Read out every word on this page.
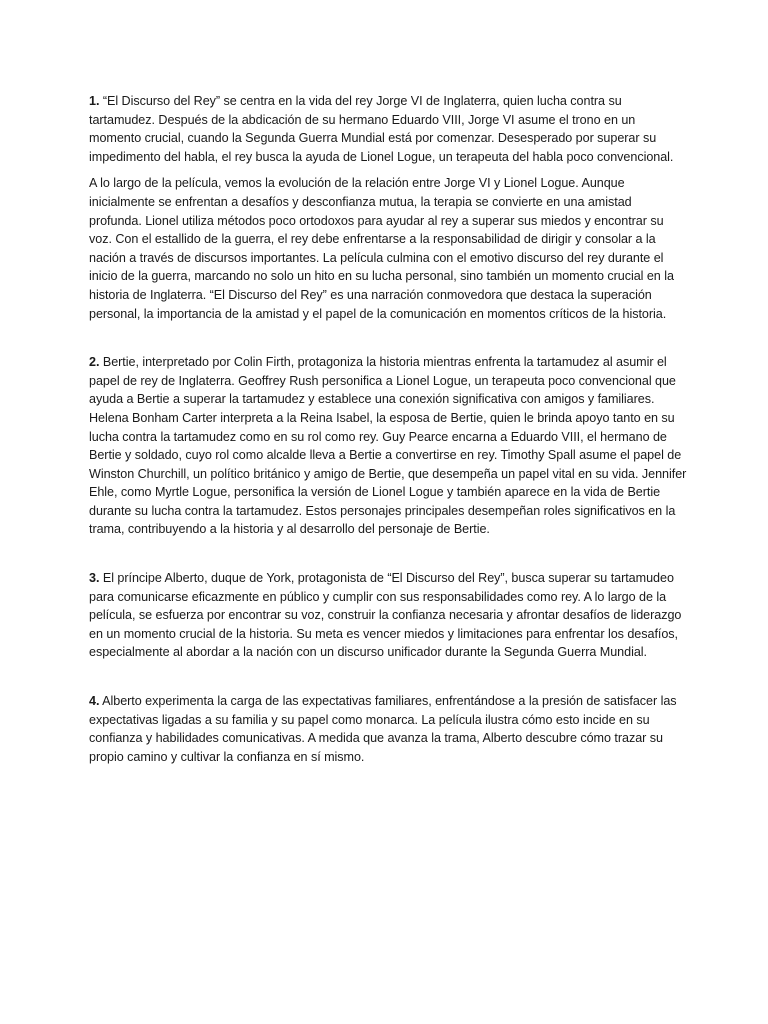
1. “El Discurso del Rey” se centra en la vida del rey Jorge VI de Inglaterra, quien lucha contra su tartamudez. Después de la abdicación de su hermano Eduardo VIII, Jorge VI asume el trono en un momento crucial, cuando la Segunda Guerra Mundial está por comenzar. Desesperado por superar su impedimento del habla, el rey busca la ayuda de Lionel Logue, un terapeuta del habla poco convencional.

A lo largo de la película, vemos la evolución de la relación entre Jorge VI y Lionel Logue. Aunque inicialmente se enfrentan a desafíos y desconfianza mutua, la terapia se convierte en una amistad profunda. Lionel utiliza métodos poco ortodoxos para ayudar al rey a superar sus miedos y encontrar su voz. Con el estallido de la guerra, el rey debe enfrentarse a la responsabilidad de dirigir y consolar a la nación a través de discursos importantes. La película culmina con el emotivo discurso del rey durante el inicio de la guerra, marcando no solo un hito en su lucha personal, sino también un momento crucial en la historia de Inglaterra. “El Discurso del Rey” es una narración conmovedora que destaca la superación personal, la importancia de la amistad y el papel de la comunicación en momentos críticos de la historia.

2. Bertie, interpretado por Colin Firth, protagoniza la historia mientras enfrenta la tartamudez al asumir el papel de rey de Inglaterra. Geoffrey Rush personifica a Lionel Logue, un terapeuta poco convencional que ayuda a Bertie a superar la tartamudez y establece una conexión significativa con amigos y familiares. Helena Bonham Carter interpreta a la Reina Isabel, la esposa de Bertie, quien le brinda apoyo tanto en su lucha contra la tartamudez como en su rol como rey. Guy Pearce encarna a Eduardo VIII, el hermano de Bertie y soldado, cuyo rol como alcalde lleva a Bertie a convertirse en rey. Timothy Spall asume el papel de Winston Churchill, un político británico y amigo de Bertie, que desempeña un papel vital en su vida. Jennifer Ehle, como Myrtle Logue, personifica la versión de Lionel Logue y también aparece en la vida de Bertie durante su lucha contra la tartamudez. Estos personajes principales desempeñan roles significativos en la trama, contribuyendo a la historia y al desarrollo del personaje de Bertie.

3. El príncipe Alberto, duque de York, protagonista de “El Discurso del Rey”, busca superar su tartamudeo para comunicarse eficazmente en público y cumplir con sus responsabilidades como rey. A lo largo de la película, se esfuerza por encontrar su voz, construir la confianza necesaria y afrontar desafíos de liderazgo en un momento crucial de la historia. Su meta es vencer miedos y limitaciones para enfrentar los desafíos, especialmente al abordar a la nación con un discurso unificador durante la Segunda Guerra Mundial.

4. Alberto experimenta la carga de las expectativas familiares, enfrentándose a la presión de satisfacer las expectativas ligadas a su familia y su papel como monarca. La película ilustra cómo esto incide en su confianza y habilidades comunicativas. A medida que avanza la trama, Alberto descubre cómo trazar su propio camino y cultivar la confianza en sí mismo.
